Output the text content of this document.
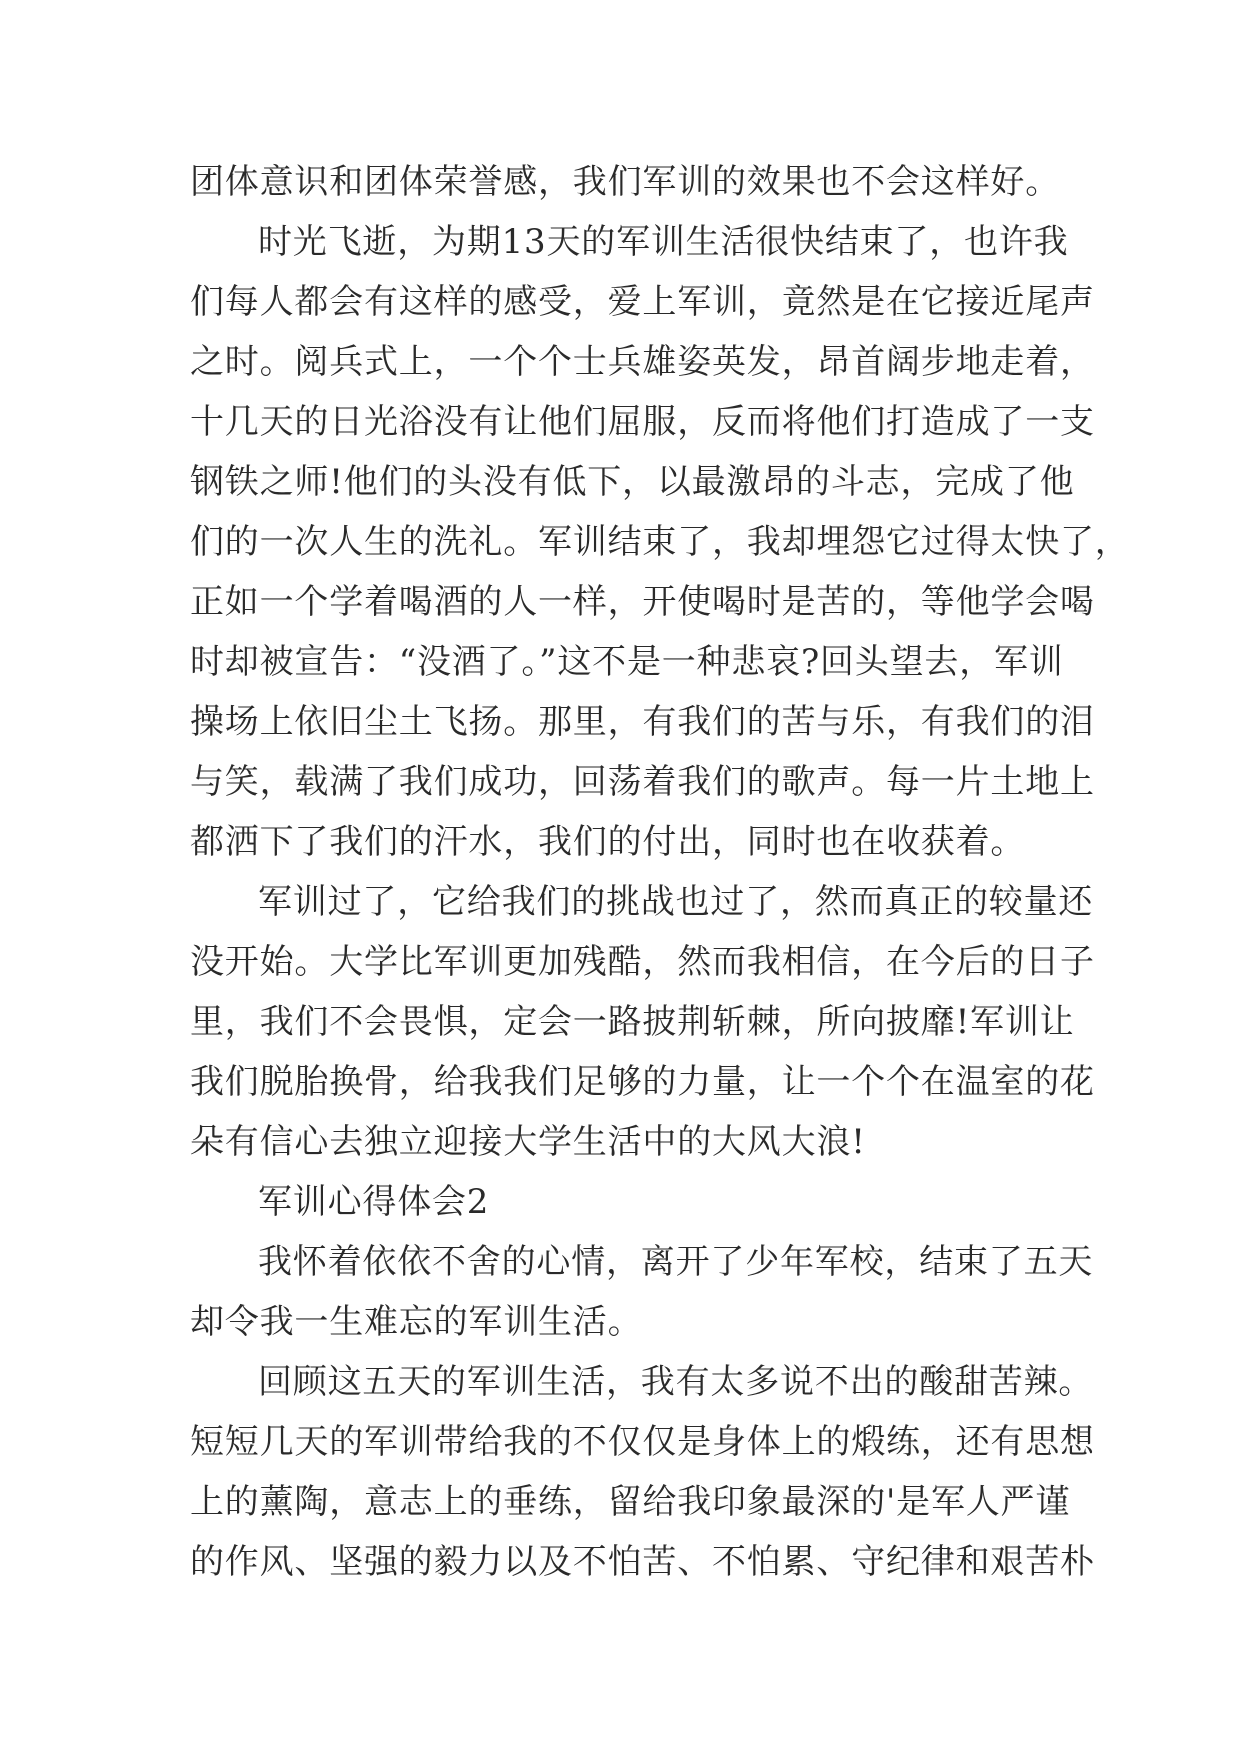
团体意识和团体荣誉感，我们军训的效果也不会这样好。
时光飞逝，为期13天的军训生活很快结束了，也许我
们每人都会有这样的感受，爱上军训，竟然是在它接近尾声
之时。阅兵式上，一个个士兵雄姿英发，昂首阔步地走着，
十几天的日光浴没有让他们屈服，反而将他们打造成了一支
钢铁之师!他们的头没有低下，以最激昂的斗志，完成了他
们的一次人生的洗礼。军训结束了，我却埋怨它过得太快了，
正如一个学着喝酒的人一样，开使喝时是苦的，等他学会喝
时却被宣告：“没酒了。”这不是一种悲哀?回头望去，军训
操场上依旧尘土飞扬。那里，有我们的苦与乐，有我们的泪
与笑，载满了我们成功，回荡着我们的歌声。每一片土地上
都洒下了我们的汗水，我们的付出，同时也在收获着。
军训过了，它给我们的挑战也过了，然而真正的较量还
没开始。大学比军训更加残酷，然而我相信，在今后的日子
里，我们不会畏惧，定会一路披荆斩棘，所向披靡!军训让
我们脱胎换骨，给我我们足够的力量，让一个个在温室的花
朵有信心去独立迎接大学生活中的大风大浪!
军训心得体会2
我怀着依依不舍的心情，离开了少年军校，结束了五天
却令我一生难忘的军训生活。
回顾这五天的军训生活，我有太多说不出的酸甜苦辣。
短短几天的军训带给我的不仅仅是身体上的煅练，还有思想
上的薰陶，意志上的垂练，留给我印象最深的'是军人严谨
的作风、坚强的毅力以及不怕苦、不怕累、守纪律和艰苦朴
